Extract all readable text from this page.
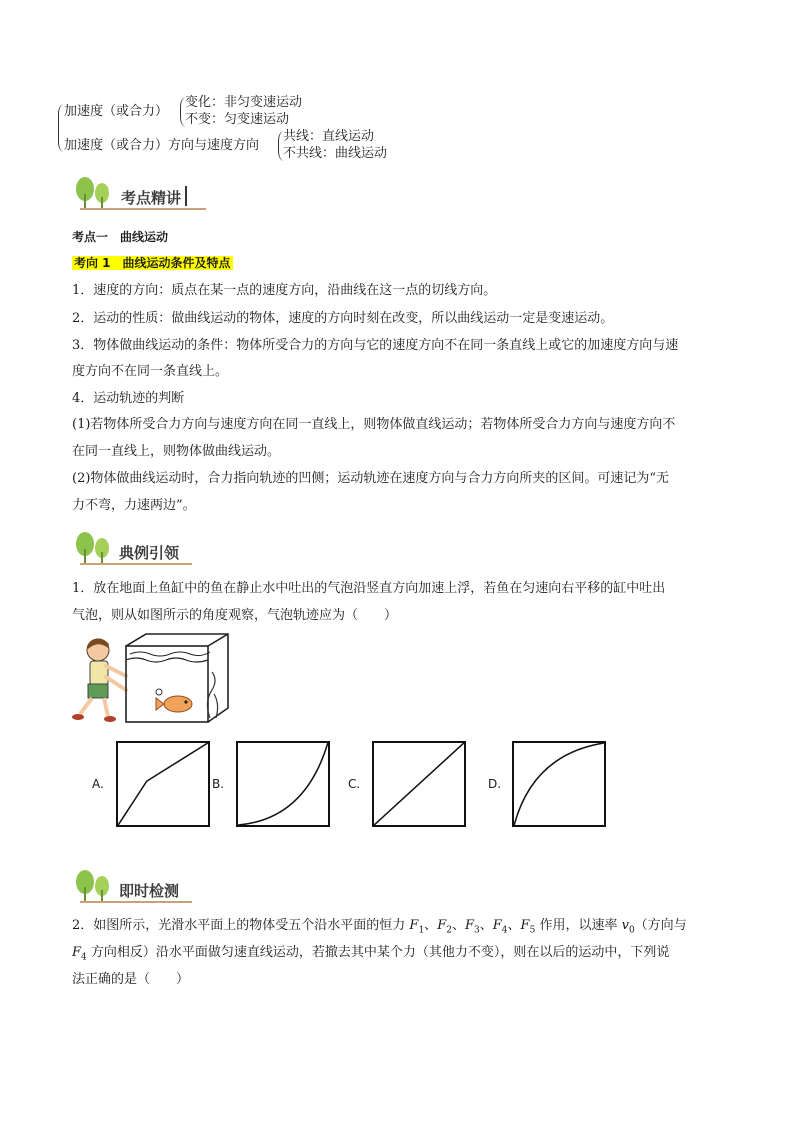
加速度（或合力）
变化：非匀变速运动
不变：匀变速运动
加速度（或合力）方向与速度方向
共线：直线运动
不共线：曲线运动
考点精讲
考点一　曲线运动
考向 1　曲线运动条件及特点
1．速度的方向：质点在某一点的速度方向，沿曲线在这一点的切线方向。
2．运动的性质：做曲线运动的物体，速度的方向时刻在改变，所以曲线运动一定是变速运动。
3．物体做曲线运动的条件：物体所受合力的方向与它的速度方向不在同一条直线上或它的加速度方向与速
度方向不在同一条直线上。
4．运动轨迹的判断
(1)若物体所受合力方向与速度方向在同一直线上，则物体做直线运动；若物体所受合力方向与速度方向不
在同一直线上，则物体做曲线运动。
(2)物体做曲线运动时，合力指向轨迹的凹侧；运动轨迹在速度方向与合力方向所夹的区间。可速记为“无
力不弯，力速两边”。
典例引领
1．放在地面上鱼缸中的鱼在静止水中吐出的气泡沿竖直方向加速上浮，若鱼在匀速向右平移的缸中吐出
气泡，则从如图所示的角度观察，气泡轨迹应为（　　）
A.	B.	C.	D.
即时检测
2．如图所示，光滑水平面上的物体受五个沿水平面的恒力 $F_1$、$F_2$、$F_3$、$F_4$、$F_5$ 作用，以速率 $v_0$（方向与
$F_4$ 方向相反）沿水平面做匀速直线运动，若撤去其中某个力（其他力不变），则在以后的运动中，下列说
法正确的是（　　）
